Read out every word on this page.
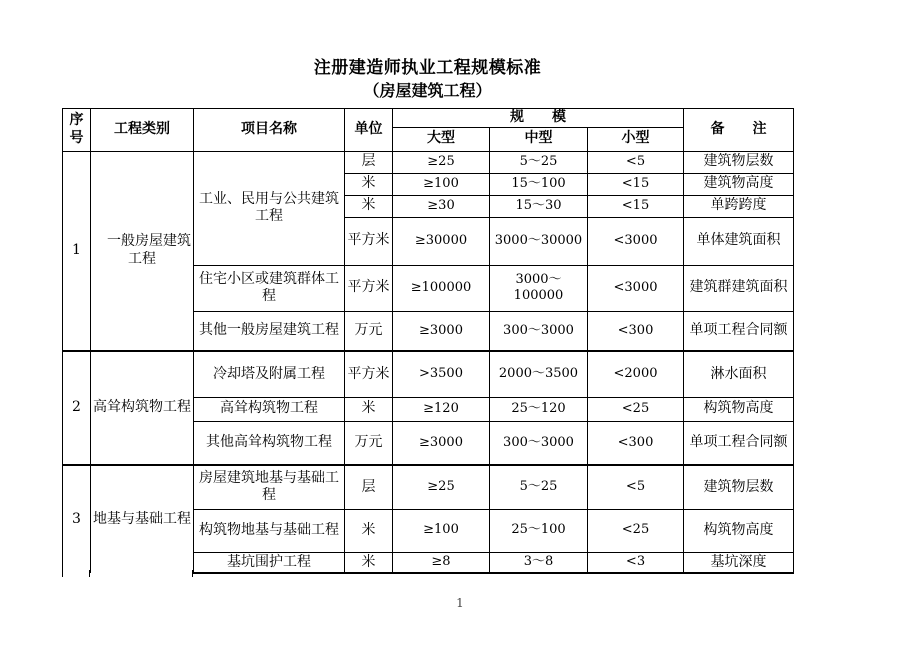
注册建造师执业工程规模标准
（房屋建筑工程）
序号	工程类别	项目名称	单位	规　　模			备　　注
				大型	中型	小型	
1	　一般房屋建筑工程	工业、民用与公共建筑工程	层	≥25	5～25	<5	建筑物层数
			米	≥100	15～100	<15	建筑物高度
			米	≥30	15～30	<15	单跨跨度
			平方米	≥30000	3000～30000	<3000	单体建筑面积
		住宅小区或建筑群体工程	平方米	≥100000	3000～100000	<3000	建筑群建筑面积
		其他一般房屋建筑工程	万元	≥3000	300～3000	<300	单项工程合同额
2	高耸构筑物工程	冷却塔及附属工程	平方米	>3500	2000～3500	<2000	淋水面积
		高耸构筑物工程	米	≥120	25～120	<25	构筑物高度
		其他高耸构筑物工程	万元	≥3000	300～3000	<300	单项工程合同额
3	地基与基础工程	房屋建筑地基与基础工程	层	≥25	5～25	<5	建筑物层数
		构筑物地基与基础工程	米	≥100	25～100	<25	构筑物高度
		基坑围护工程	米	≥8	3～8	<3	基坑深度
1
